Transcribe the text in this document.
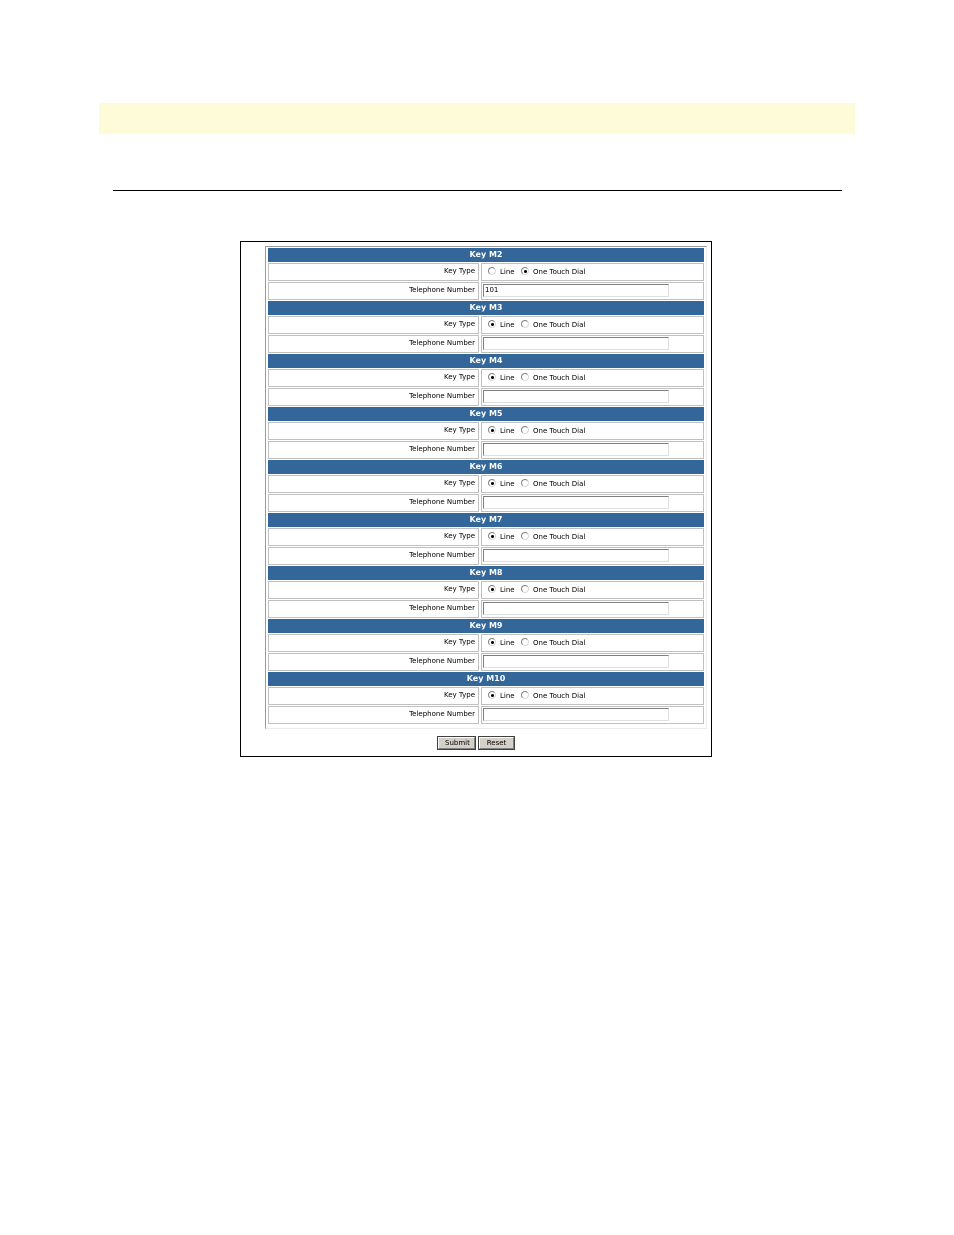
Key M2
Key Type	Line	One Touch Dial
Telephone Number	101
Key M3
Key Type	Line	One Touch Dial
Telephone Number
Key M4
Key Type	Line	One Touch Dial
Telephone Number
Key M5
Key Type	Line	One Touch Dial
Telephone Number
Key M6
Key Type	Line	One Touch Dial
Telephone Number
Key M7
Key Type	Line	One Touch Dial
Telephone Number
Key M8
Key Type	Line	One Touch Dial
Telephone Number
Key M9
Key Type	Line	One Touch Dial
Telephone Number
Key M10
Key Type	Line	One Touch Dial
Telephone Number
Submit Reset
